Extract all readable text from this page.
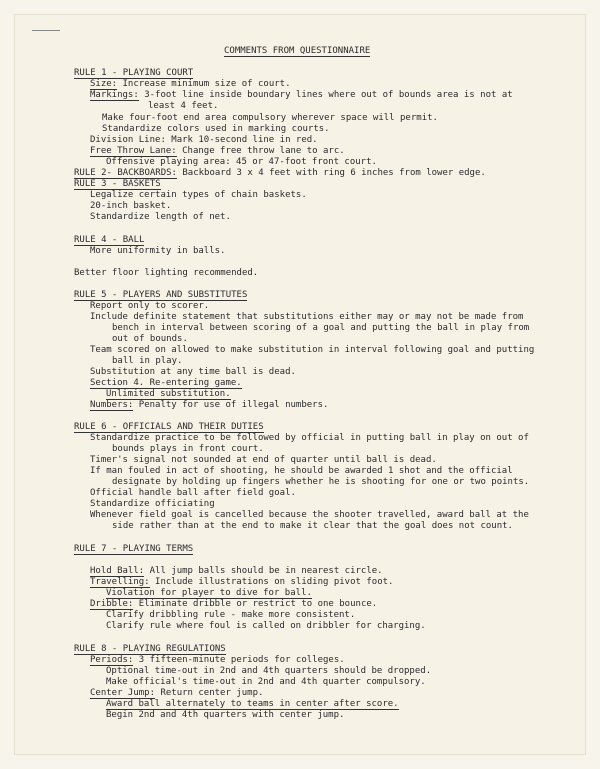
COMMENTS FROM QUESTIONNAIRE
RULE 1 - PLAYING COURT
Size: Increase minimum size of court.
Markings: 3-foot line inside boundary lines where out of bounds area is not at
least 4 feet.
Make four-foot end area compulsory wherever space will permit.
Standardize colors used in marking courts.
Division Line: Mark 10-second line in red.
Free Throw Lane: Change free throw lane to arc.
Offensive playing area: 45 or 47-foot front court.
RULE 2- BACKBOARDS: Backboard 3 x 4 feet with ring 6 inches from lower edge.
RULE 3 - BASKETS
Legalize certain types of chain baskets.
20-inch basket.
Standardize length of net.
RULE 4 - BALL
More uniformity in balls.
Better floor lighting recommended.
RULE 5 - PLAYERS AND SUBSTITUTES
Report only to scorer.
Include definite statement that substitutions either may or may not be made from
bench in interval between scoring of a goal and putting the ball in play from
out of bounds.
Team scored on allowed to make substitution in interval following goal and putting
ball in play.
Substitution at any time ball is dead.
Section 4. Re-entering game.
Unlimited substitution.
Numbers: Penalty for use of illegal numbers.
RULE 6 - OFFICIALS AND THEIR DUTIES
Standardize practice to be followed by official in putting ball in play on out of
bounds plays in front court.
Timer's signal not sounded at end of quarter until ball is dead.
If man fouled in act of shooting, he should be awarded 1 shot and the official
designate by holding up fingers whether he is shooting for one or two points.
Official handle ball after field goal.
Standardize officiating
Whenever field goal is cancelled because the shooter travelled, award ball at the
side rather than at the end to make it clear that the goal does not count.
RULE 7 - PLAYING TERMS
Hold Ball: All jump balls should be in nearest circle.
Travelling: Include illustrations on sliding pivot foot.
Violation for player to dive for ball.
Dribble: Eliminate dribble or restrict to one bounce.
Clarify dribbling rule - make more consistent.
Clarify rule where foul is called on dribbler for charging.
RULE 8 - PLAYING REGULATIONS
Periods: 3 fifteen-minute periods for colleges.
Optional time-out in 2nd and 4th quarters should be dropped.
Make official's time-out in 2nd and 4th quarter compulsory.
Center Jump: Return center jump.
Award ball alternately to teams in center after score.
Begin 2nd and 4th quarters with center jump.
